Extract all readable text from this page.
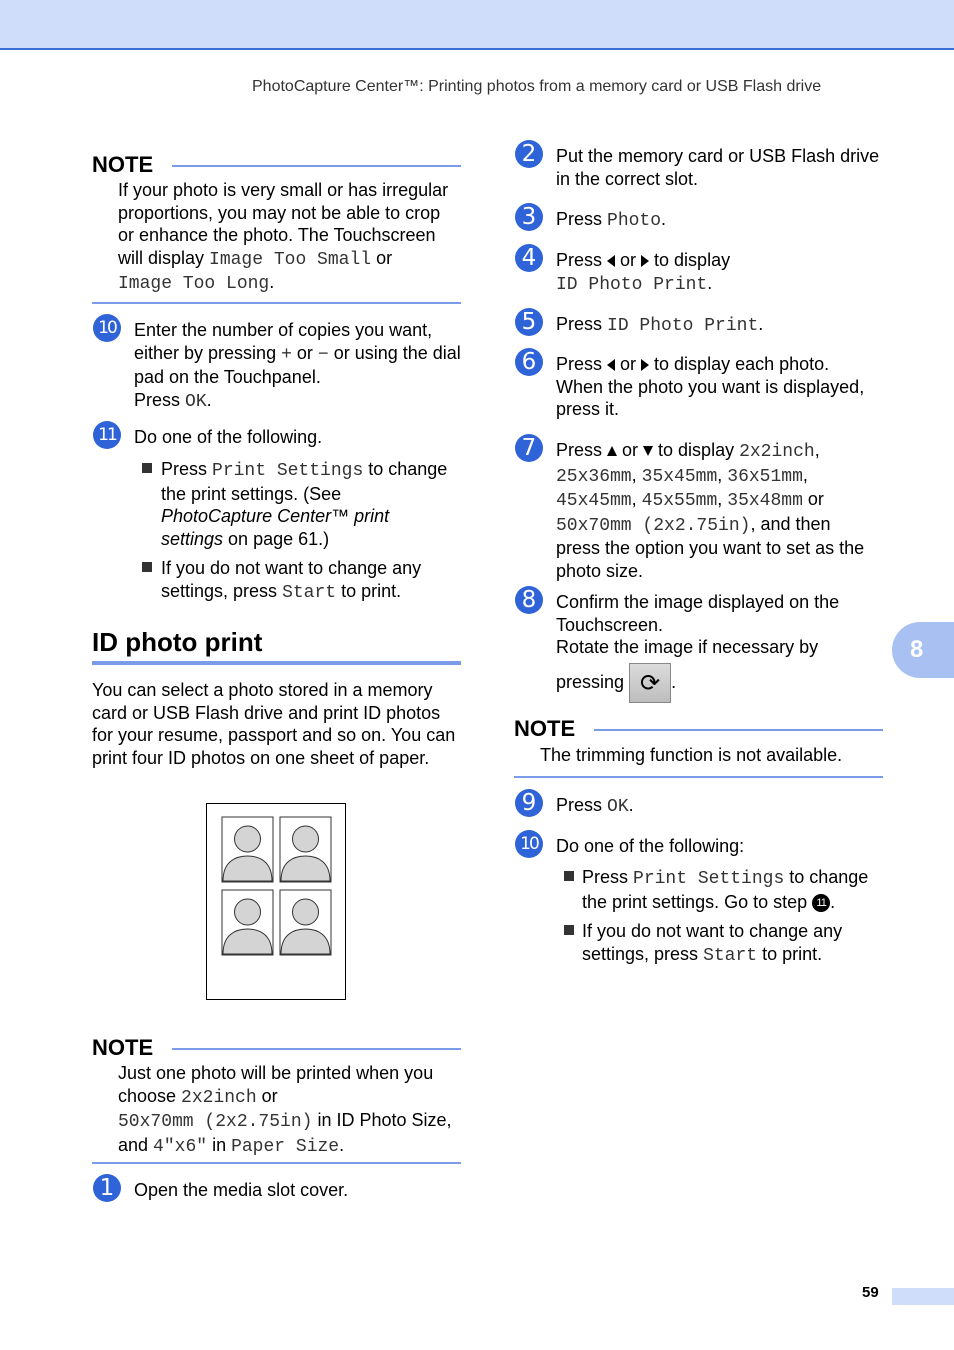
PhotoCapture Center™: Printing photos from a memory card or USB Flash drive
NOTE
If your photo is very small or has irregular
proportions, you may not be able to crop
or enhance the photo. The Touchscreen
will display Image Too Small or
Image Too Long.
10 Enter the number of copies you want,
either by pressing + or − or using the dial
pad on the Touchpanel.
Press OK.
11 Do one of the following.
Press Print Settings to change
the print settings. (See
PhotoCapture Center™ print
settings on page 61.)
If you do not want to change any
settings, press Start to print.
ID photo print
You can select a photo stored in a memory
card or USB Flash drive and print ID photos
for your resume, passport and so on. You can
print four ID photos on one sheet of paper.
NOTE
Just one photo will be printed when you
choose 2x2inch or
50x70mm (2x2.75in) in ID Photo Size,
and 4"x6" in Paper Size.
1	Open the media slot cover.
2	Put the memory card or USB Flash drive
in the correct slot.
3	Press Photo.
4	Press  or  to display
ID Photo Print.
5	Press ID Photo Print.
6	Press  or  to display each photo.
When the photo you want is displayed,
press it.
7	Press  or  to display 2x2inch,
25x36mm, 35x45mm, 36x51mm,
45x45mm, 45x55mm, 35x48mm or
50x70mm (2x2.75in), and then
press the option you want to set as the
photo size.
8	Confirm the image displayed on the
Touchscreen.
Rotate the image if necessary by
pressing ⟳ .
NOTE
The trimming function is not available.
9	Press OK.
10 Do one of the following:
Press Print Settings to change
the print settings. Go to step 11 .
If you do not want to change any
settings, press Start to print.
8
59
